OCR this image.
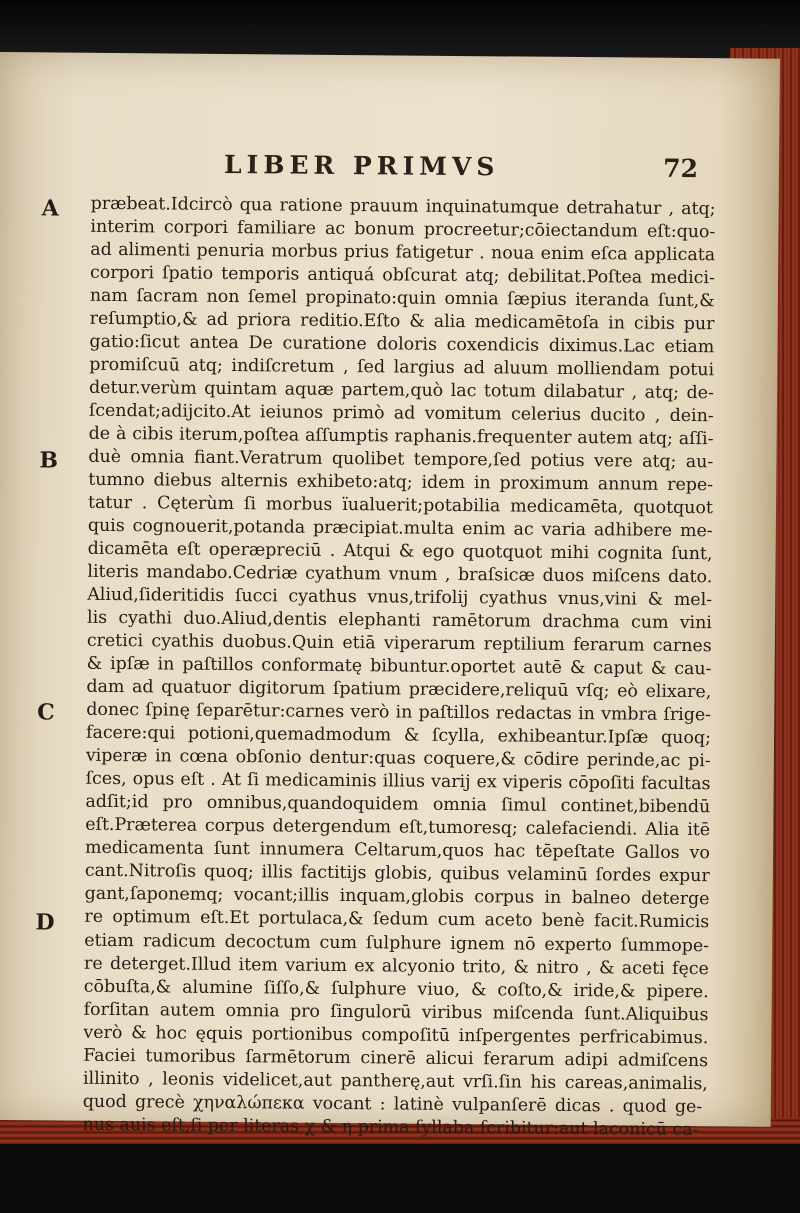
LIBER PRIMVS	72
A
B
C
D
præbeat.Idcircò qua ratione prauum inquinatumque detrahatur , atq;
interim corpori familiare ac bonum procreetur;cōiectandum eſt:quo-
ad alimenti penuria morbus prius fatigetur . noua enim eſca applicata
corpori ſpatio temporis antiquá obſcurat atq; debilitat.Poſtea medici-
nam ſacram non ſemel propinato:quin omnia ſæpius iteranda ſunt,&
reſumptio,& ad priora reditio.Eſto & alia medicamētoſa in cibis pur
gatio:ſicut antea De curatione doloris coxendicis diximus.Lac etiam
promiſcuū atq; indiſcretum , ſed largius ad aluum molliendam potui
detur.verùm quintam aquæ partem,quò lac totum dilabatur , atq; de-
ſcendat;adijcito.At ieiunos primò ad vomitum celerius ducito , dein-
de à cibis iterum,poſtea aſſumptis raphanis.frequenter autem atq; aſſi-
duè omnia fiant.Veratrum quolibet tempore,ſed potius vere atq; au-
tumno diebus alternis exhibeto:atq; idem in proximum annum repe-
tatur . Cęterùm ſi morbus ïualuerit;potabilia medicamēta, quotquot
quis cognouerit,potanda præcipiat.multa enim ac varia adhibere me-
dicamēta eſt operæpreciū . Atqui & ego quotquot mihi cognita ſunt,
literis mandabo.Cedriæ cyathum vnum , braſsicæ duos miſcens dato.
Aliud,ſideritidis ſucci cyathus vnus,trifolij cyathus vnus,vini & mel-
lis cyathi duo.Aliud,dentis elephanti ramētorum drachma cum vini
cretici cyathis duobus.Quin etiā viperarum reptilium ferarum carnes
& ipſæ in paſtillos conformatę bibuntur.oportet autē & caput & cau-
dam ad quatuor digitorum ſpatium præcidere,reliquū vſq; eò elixare,
donec ſpinę ſeparētur:carnes verò in paſtillos redactas in vmbra ſrige-
facere:qui potioni,quemadmodum & ſcylla, exhibeantur.Ipſæ quoq;
viperæ in cœna obſonio dentur:quas coquere,& cōdire perinde,ac pi-
ſces, opus eſt . At ſi medicaminis illius varij ex viperis cōpoſiti facultas
adſit;id pro omnibus,quandoquidem omnia ſimul continet,bibendū
eſt.Præterea corpus detergendum eſt,tumoresq; calefaciendi. Alia itē
medicamenta ſunt innumera Celtarum,quos hac tēpeſtate Gallos vo
cant.Nitroſis quoq; illis factitijs globis, quibus velaminū ſordes expur
gant,ſaponemq; vocant;illis inquam,globis corpus in balneo deterge
re optimum eſt.Et portulaca,& ſedum cum aceto benè facit.Rumicis
etiam radicum decoctum cum ſulphure ignem nō experto ſummope-
re deterget.Illud item varium ex alcyonio trito, & nitro , & aceti fęce
cōbuſta,& alumine ſiſſo,& ſulphure viuo, & coſto,& iride,& pipere.
forſitan autem omnia pro ſingulorū viribus miſcenda ſunt.Aliquibus
verò & hoc ęquis portionibus compoſitū inſpergentes perfricabimus.
Faciei tumoribus ſarmētorum cinerē alicui ferarum adipi admiſcens
illinito , leonis videlicet,aut pantherę,aut vrſi.ſin his careas,animalis,
quod grecè χηναλώπεκα vocant : latinè vulpanſerē dicas . quod ge-
nus auis eſt,ſi per literas χ & η prima ſyllaba ſcribitur:aut laconicū ca-
